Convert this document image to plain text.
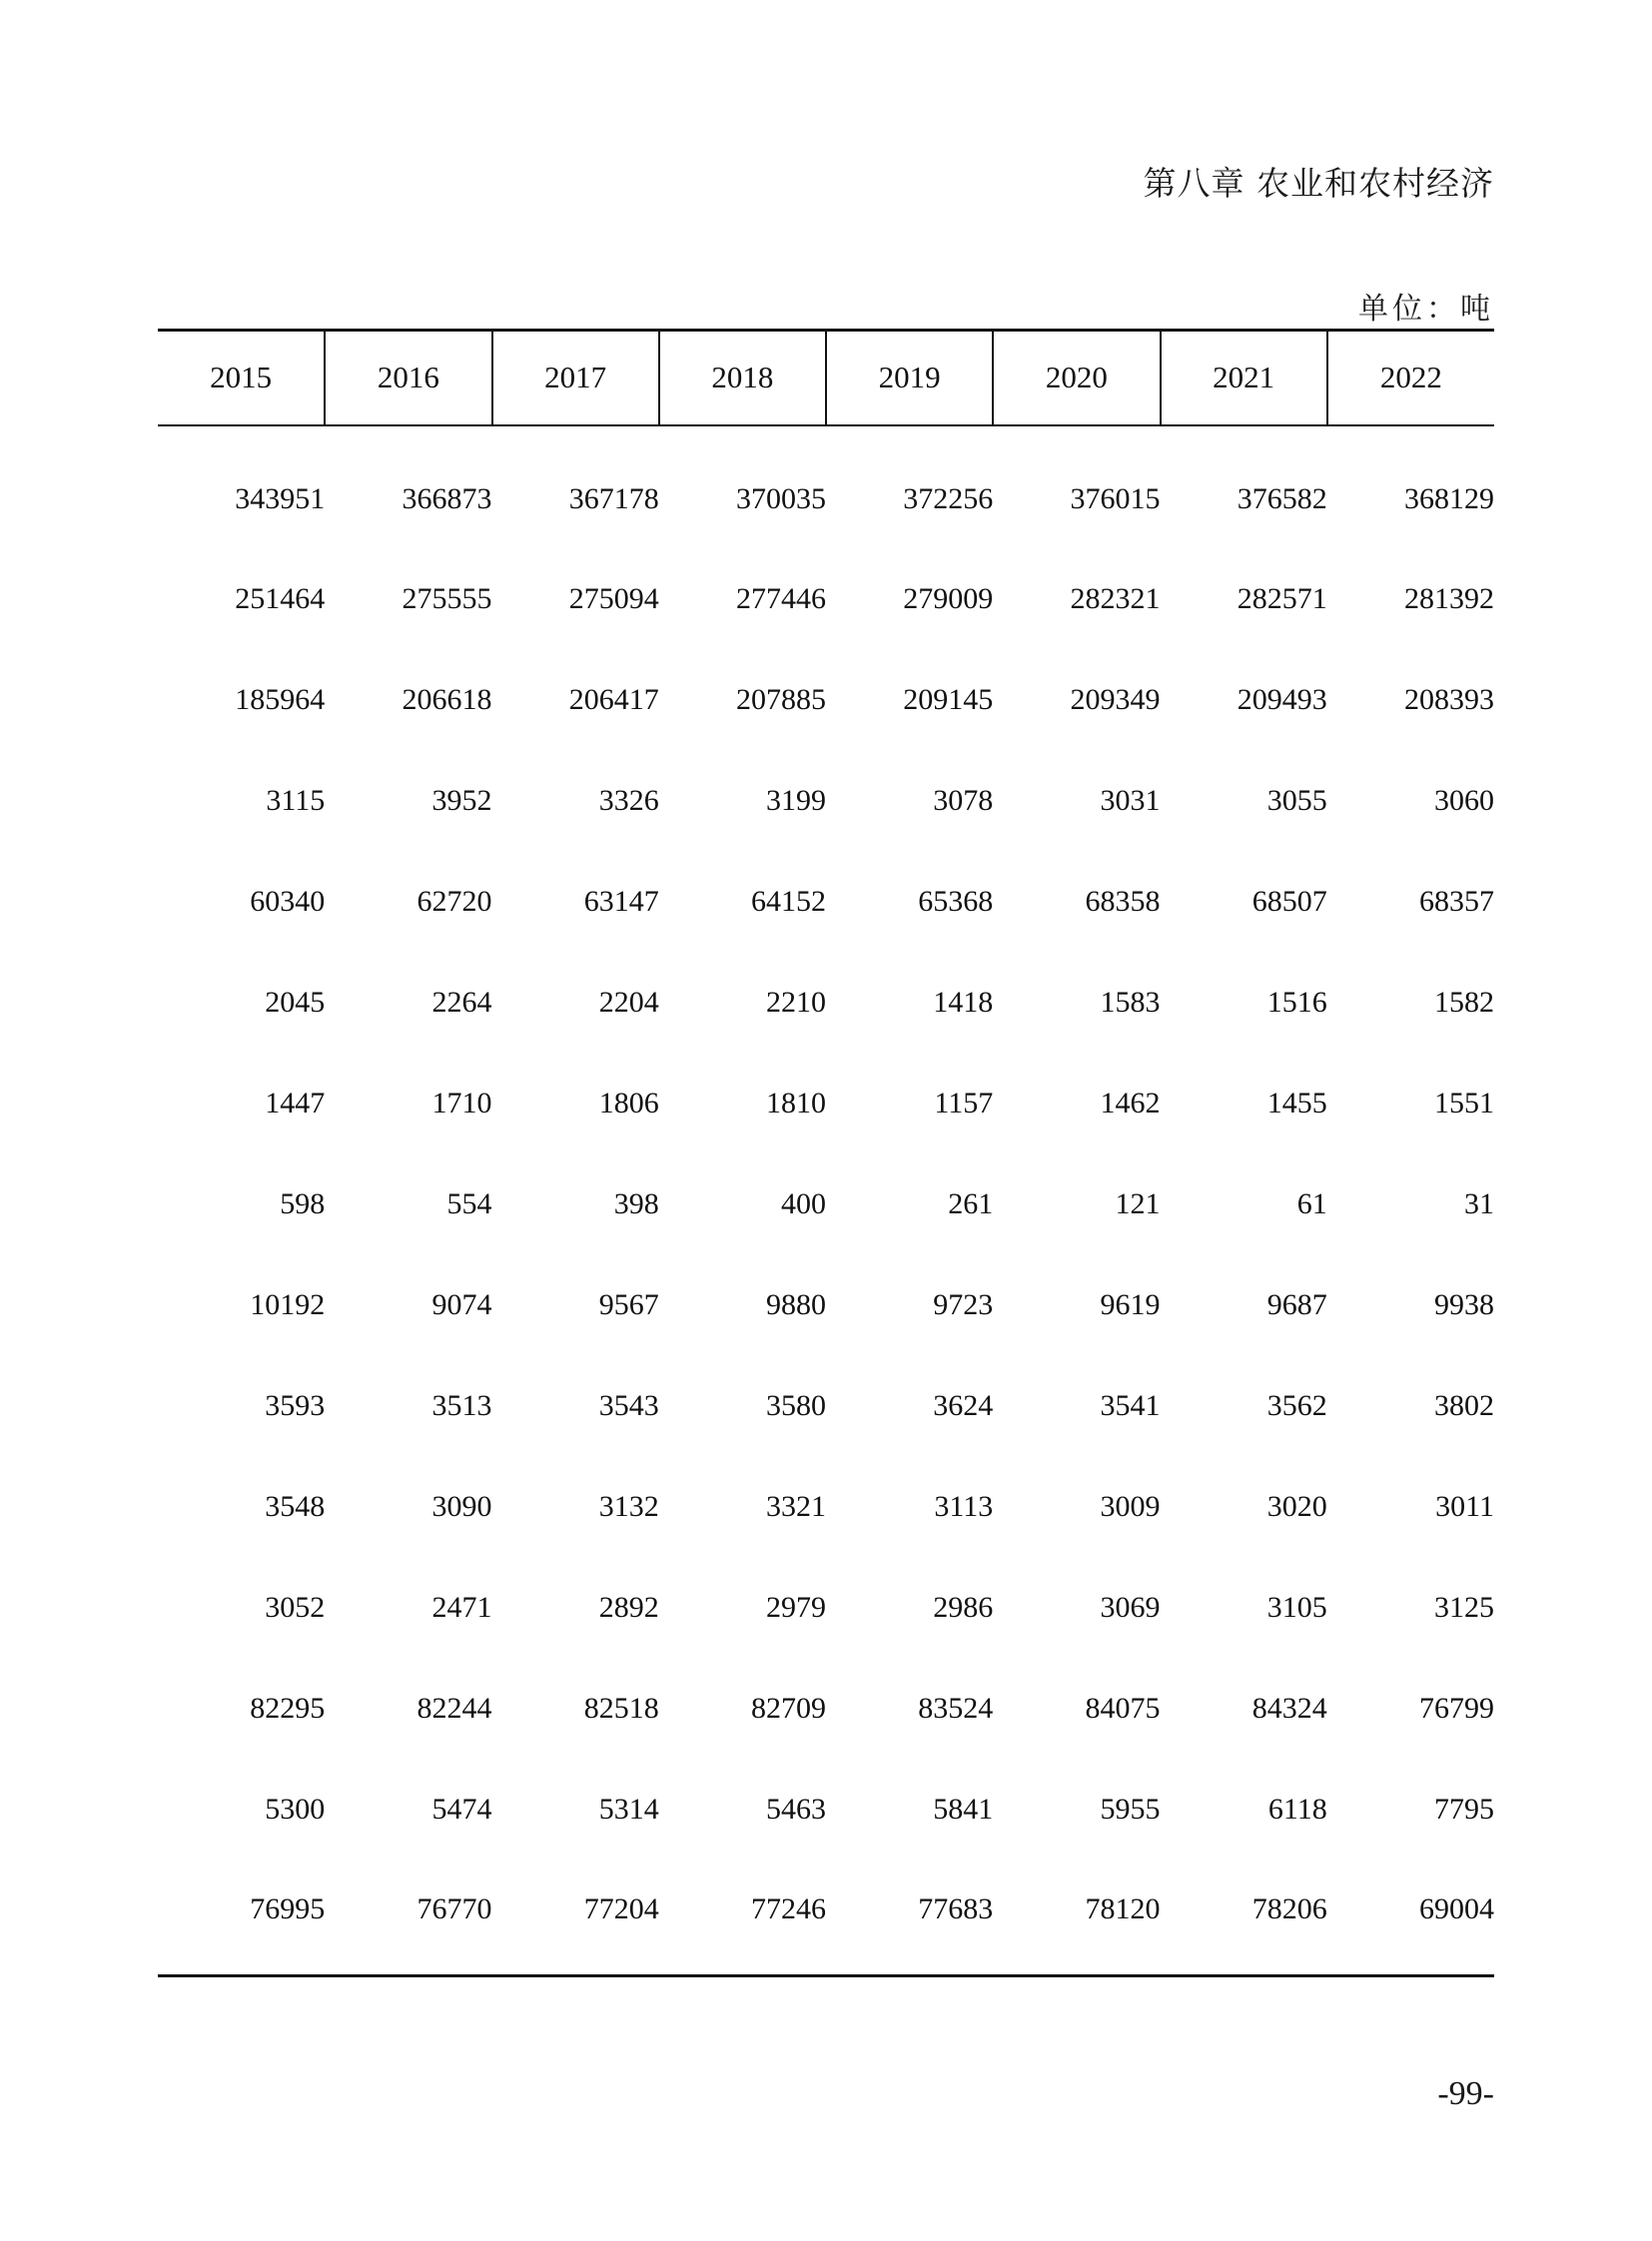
第八章 农业和农村经济
单位：吨
2015	2016	2017	2018	2019	2020	2021	2022
343951	366873	367178	370035	372256	376015	376582	368129
251464	275555	275094	277446	279009	282321	282571	281392
185964	206618	206417	207885	209145	209349	209493	208393
3115	3952	3326	3199	3078	3031	3055	3060
60340	62720	63147	64152	65368	68358	68507	68357
2045	2264	2204	2210	1418	1583	1516	1582
1447	1710	1806	1810	1157	1462	1455	1551
598	554	398	400	261	121	61	31
10192	9074	9567	9880	9723	9619	9687	9938
3593	3513	3543	3580	3624	3541	3562	3802
3548	3090	3132	3321	3113	3009	3020	3011
3052	2471	2892	2979	2986	3069	3105	3125
82295	82244	82518	82709	83524	84075	84324	76799
5300	5474	5314	5463	5841	5955	6118	7795
76995	76770	77204	77246	77683	78120	78206	69004
-99-
